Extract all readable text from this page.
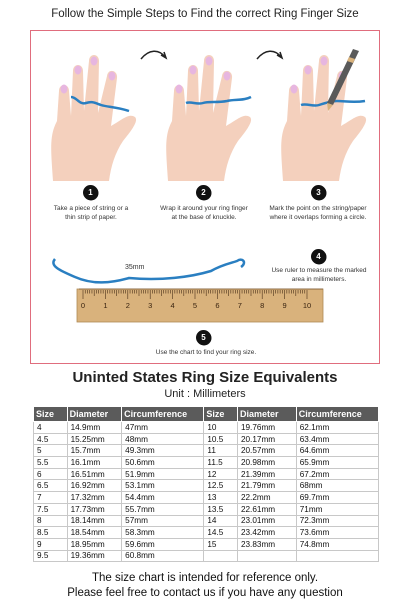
Follow the Simple Steps to Find the correct Ring Finger Size
0 1 2 3 4 5 6 7 8 9 10
1
Take a piece of string or a
thin strip of paper.
2
Wrap it around your ring finger
at the base of knuckle.
3
Mark the point on the string/paper
where it overlaps forming a circle.
4
Use ruler to measure the marked
area in millimeters.
35mm
5
Use the chart to find your ring size.
Uninted States Ring Size Equivalents
Unit : Millimeters
Size	Diameter	Circumference	Size	Diameter	Circumference
4	14.9mm	47mm	10	19.76mm	62.1mm
4.5	15.25mm	48mm	10.5	20.17mm	63.4mm
5	15.7mm	49.3mm	11	20.57mm	64.6mm
5.5	16.1mm	50.6mm	11.5	20.98mm	65.9mm
6	16.51mm	51.9mm	12	21.39mm	67.2mm
6.5	16.92mm	53.1mm	12.5	21.79mm	68mm
7	17.32mm	54.4mm	13	22.2mm	69.7mm
7.5	17.73mm	55.7mm	13.5	22.61mm	71mm
8	18.14mm	57mm	14	23.01mm	72.3mm
8.5	18.54mm	58.3mm	14.5	23.42mm	73.6mm
9	18.95mm	59.6mm	15	23.83mm	74.8mm
9.5	19.36mm	60.8mm			
The size chart is intended for reference only.
Please feel free to contact us if you have any question
